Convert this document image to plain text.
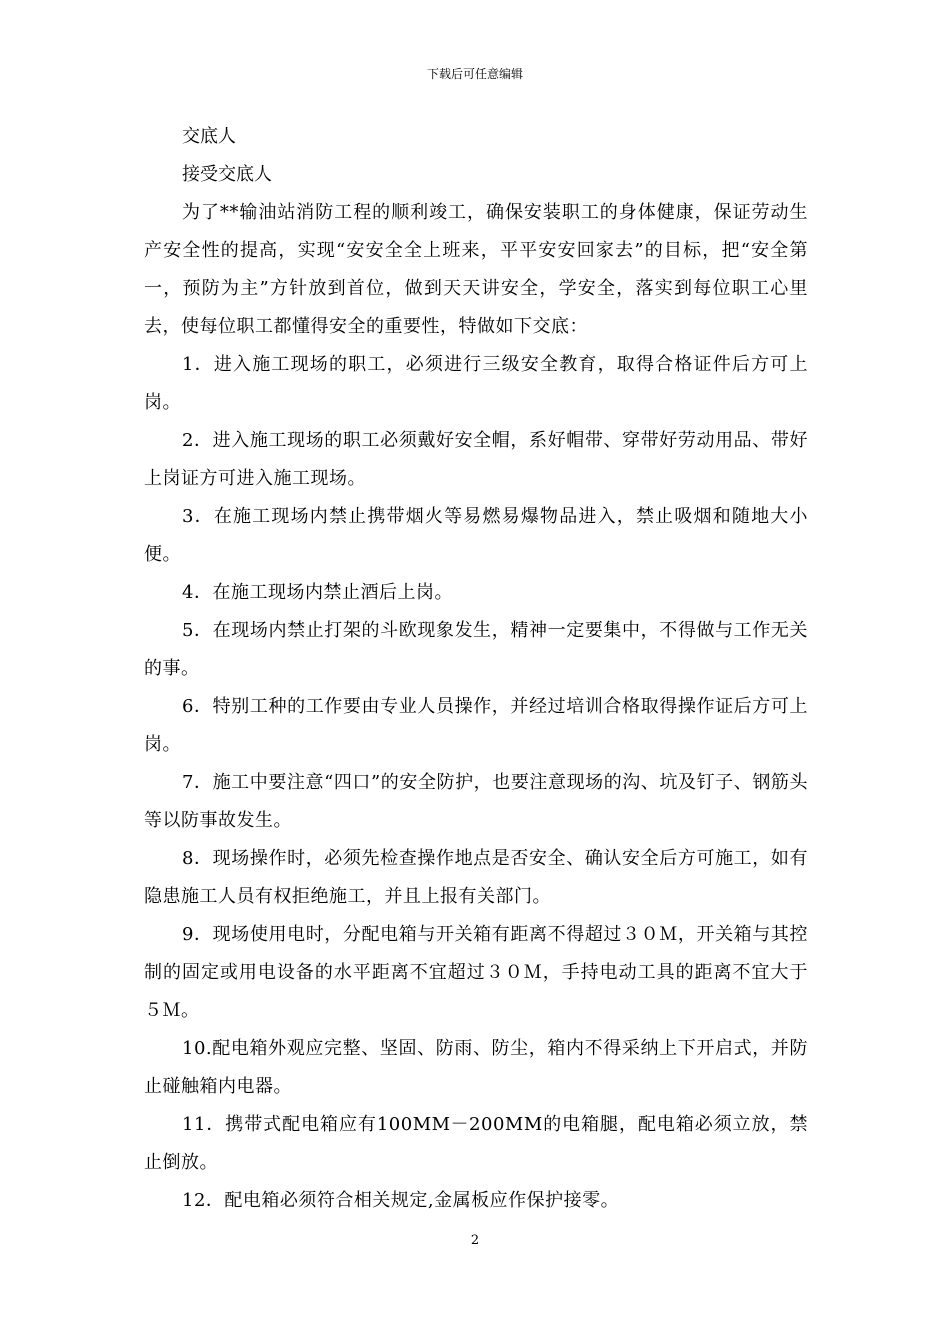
下载后可任意编辑

交底人

接受交底人

为了**输油站消防工程的顺利竣工，确保安装职工的身体健康，保证劳动生产安全性的提高，实现“安安全全上班来，平平安安回家去”的目标，把“安全第一，预防为主”方针放到首位，做到天天讲安全，学安全，落实到每位职工心里去，使每位职工都懂得安全的重要性，特做如下交底：

1．进入施工现场的职工，必须进行三级安全教育，取得合格证件后方可上岗。

2．进入施工现场的职工必须戴好安全帽，系好帽带、穿带好劳动用品、带好上岗证方可进入施工现场。

3．在施工现场内禁止携带烟火等易燃易爆物品进入，禁止吸烟和随地大小便。

4．在施工现场内禁止酒后上岗。

5．在现场内禁止打架的斗欧现象发生，精神一定要集中，不得做与工作无关的事。

6．特别工种的工作要由专业人员操作，并经过培训合格取得操作证后方可上岗。

7．施工中要注意“四口”的安全防护，也要注意现场的沟、坑及钉子、钢筋头等以防事故发生。

8．现场操作时，必须先检查操作地点是否安全、确认安全后方可施工，如有隐患施工人员有权拒绝施工，并且上报有关部门。

9．现场使用电时，分配电箱与开关箱有距离不得超过３０Ｍ，开关箱与其控制的固定或用电设备的水平距离不宜超过３０Ｍ，手持电动工具的距离不宜大于５Ｍ。

10.配电箱外观应完整、坚固、防雨、防尘，箱内不得采纳上下开启式，并防止碰触箱内电器。

11．携带式配电箱应有100MM－200MM的电箱腿，配电箱必须立放，禁止倒放。

12．配电箱必须符合相关规定,金属板应作保护接零。

2
